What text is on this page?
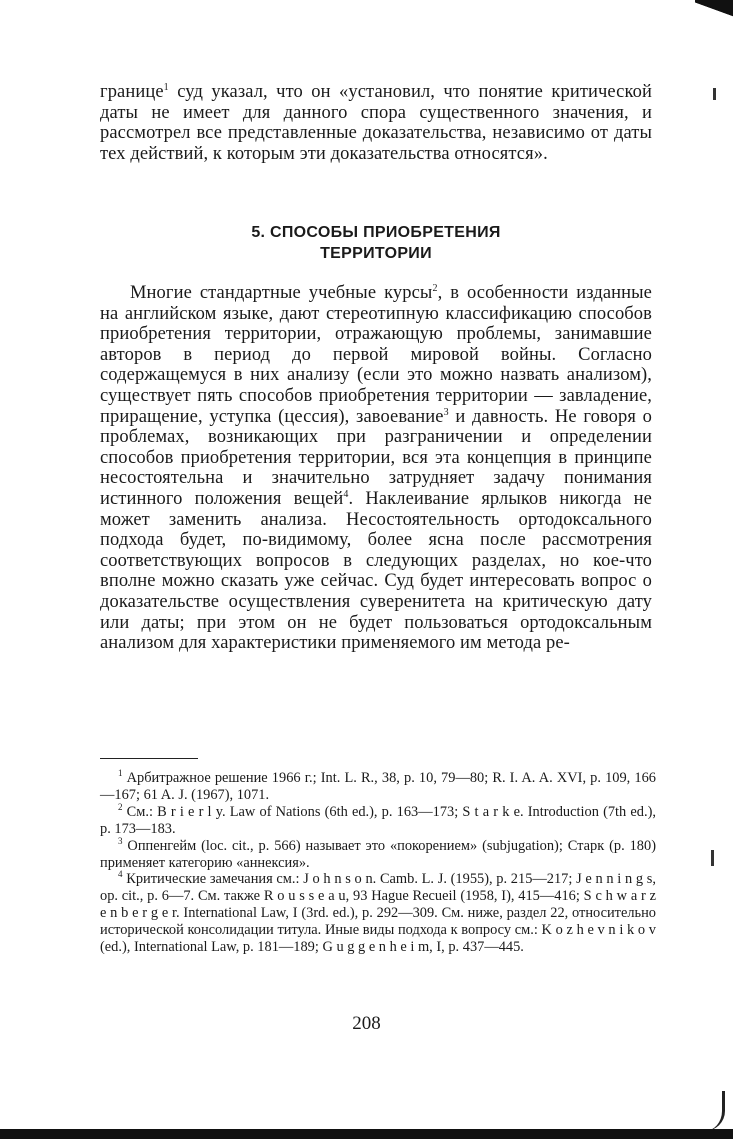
границе$^1$ суд указал, что он «установил, что понятие критической даты не имеет для данного спора существенного значения, и рассмотрел все представленные доказательства, независимо от даты тех действий, к которым эти доказательства относятся».

5. СПОСОБЫ ПРИОБРЕТЕНИЯ
ТЕРРИТОРИИ

Многие стандартные учебные курсы$^2$, в особенности изданные на английском языке, дают стереотипную классификацию способов приобретения территории, отражающую проблемы, занимавшие авторов в период до первой мировой войны. Согласно содержащемуся в них анализу (если это можно назвать анализом), существует пять способов приобретения территории — завладение, приращение, уступка (цессия), завоевание$^3$ и давность. Не говоря о проблемах, возникающих при разграничении и определении способов приобретения территории, вся эта концепция в принципе несостоятельна и значительно затрудняет задачу понимания истинного положения вещей$^4$. Наклеивание ярлыков никогда не может заменить анализа. Несостоятельность ортодоксального подхода будет, по-видимому, более ясна после рассмотрения соответствующих вопросов в следующих разделах, но кое-что вполне можно сказать уже сейчас. Суд будет интересовать вопрос о доказательстве осуществления суверенитета на критическую дату или даты; при этом он не будет пользоваться ортодоксальным анализом для характеристики применяемого им метода ре-

$^1$ Арбитражное решение 1966 г.; Int. L. R., 38, p. 10, 79—80; R. I. A. A. XVI, p. 109, 166—167; 61 A. J. (1967), 1071.

$^2$ См.: B r i e r l y. Law of Nations (6th ed.), p. 163—173; S t a r k e. Introduction (7th ed.), p. 173—183.

$^3$ Оппенгейм (loc. cit., p. 566) называет это «покорением» (subjugation); Старк (p. 180) применяет категорию «аннексия».

$^4$ Критические замечания см.: J o h n s o n. Camb. L. J. (1955), p. 215—217; J e n n i n g s, op. cit., p. 6—7. См. также R o u s s e a u, 93 Hague Recueil (1958, I), 415—416; S c h w a r z e n b e r g e r. International Law, I (3rd. ed.), p. 292—309. См. ниже, раздел 22, относительно исторической консолидации титула. Иные виды подхода к вопросу см.: K o z h e v n i k o v (ed.), International Law, p. 181—189; G u g g e n h e i m, I, p. 437—445.

208
